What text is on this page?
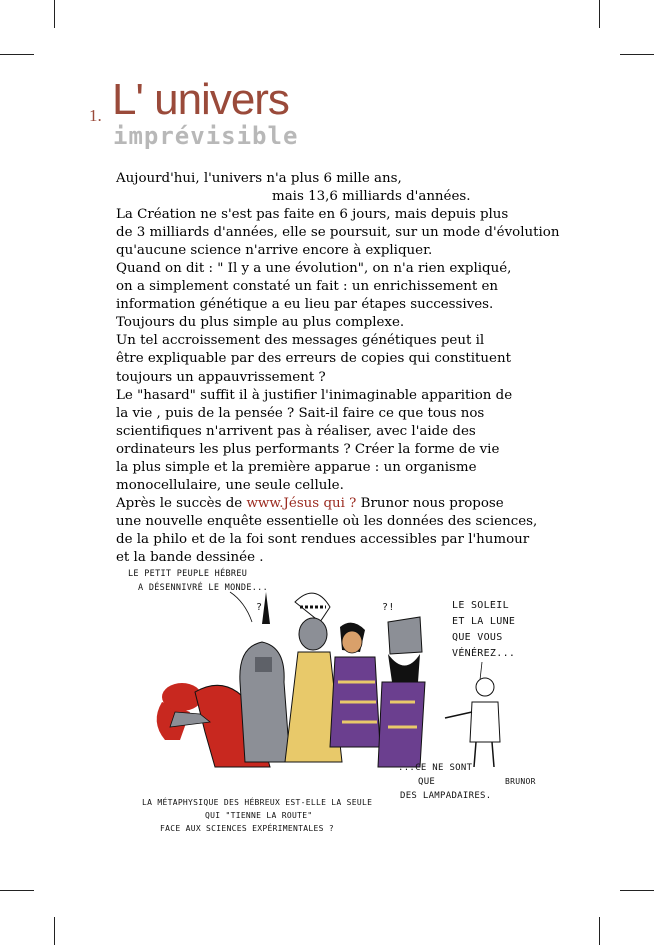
1. L' univers
imprévisible
Aujourd'hui, l'univers n'a plus 6 mille ans,
mais 13,6 milliards d'années.
La Création ne s'est pas faite en 6 jours, mais depuis plus
de 3 milliards d'années, elle se poursuit, sur un mode d'évolution
qu'aucune science n'arrive encore à expliquer.
Quand on dit : " Il y a une évolution", on n'a rien expliqué,
on a simplement constaté un fait : un enrichissement en
information génétique a eu lieu par étapes successives.
Toujours du plus simple au plus complexe.
Un tel accroissement des messages génétiques peut il
être expliquable par des erreurs de copies qui constituent
toujours un appauvrissement ?
Le "hasard" suffit il à justifier l'inimaginable apparition de
la vie , puis de la pensée ? Sait-il faire ce que tous nos
scientifiques n'arrivent pas à réaliser, avec l'aide des
ordinateurs les plus performants ? Créer la forme de vie
la plus simple et la première apparue : un organisme
monocellulaire, une seule cellule.
Après le succès de www.Jésus qui ? Brunor nous propose
une nouvelle enquête essentielle où les données des sciences,
de la philo et de la foi sont rendues accessibles par l'humour
et la bande dessinée .
LE PETIT PEUPLE HÉBREU
A DÉSENNIVRÉ LE MONDE...
?	?!	LE SOLEIL
ET LA LUNE
QUE VOUS
VÉNÉREZ...
...CE NE SONT
QUE
DES LAMPADAIRES.
BRUNOR
LA MÉTAPHYSIQUE DES HÉBREUX EST-ELLE LA SEULE
QUI "TIENNE LA ROUTE"
FACE AUX SCIENCES EXPÉRIMENTALES ?
